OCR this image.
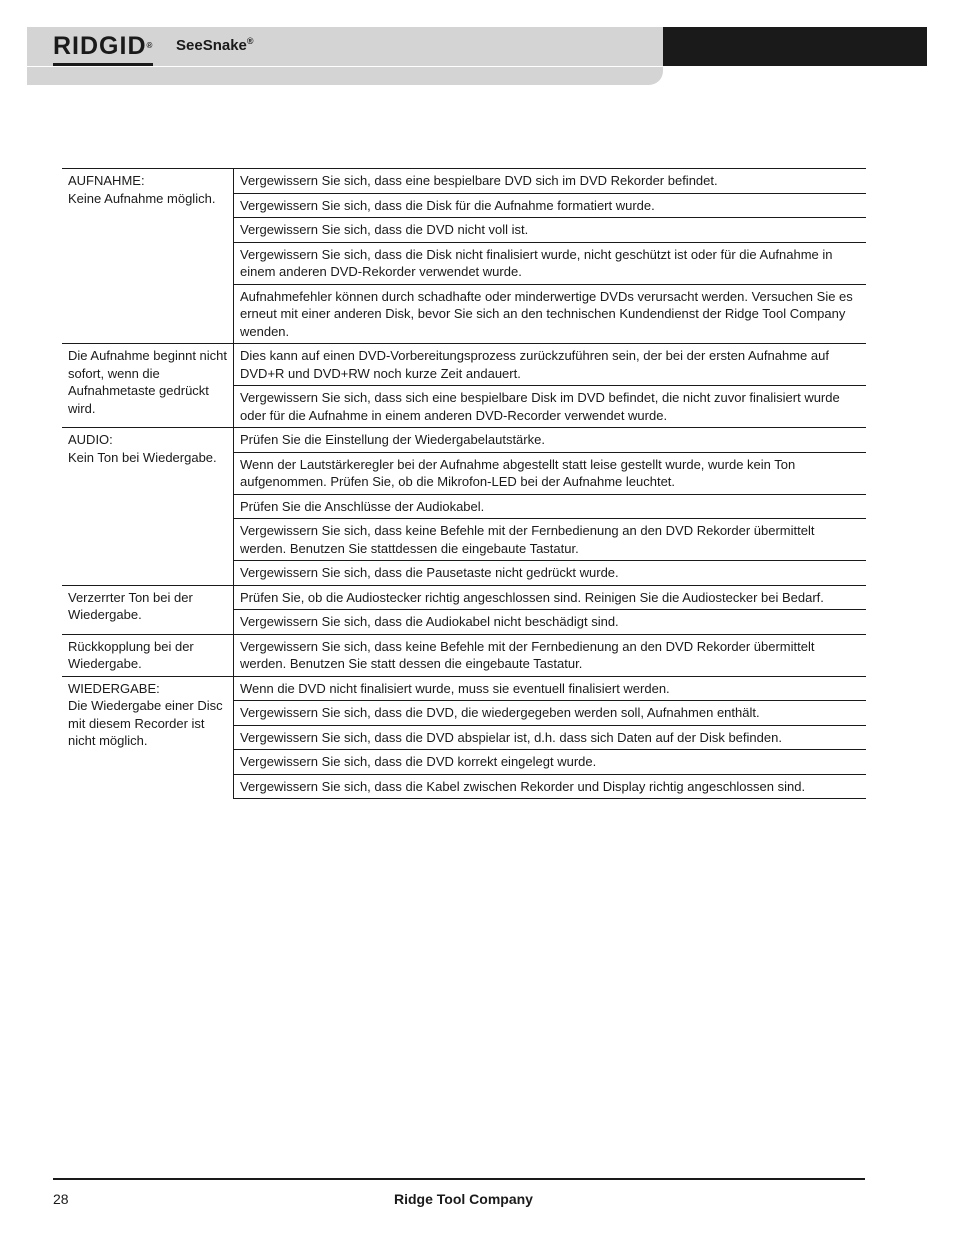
RIDGID® SeeSnake®
AUFNAHME:
Keine Aufnahme möglich.	Vergewissern Sie sich, dass eine bespielbare DVD sich im DVD Rekorder befindet.
	Vergewissern Sie sich, dass die Disk für die Aufnahme formatiert wurde.
	Vergewissern Sie sich, dass die DVD nicht voll ist.
	Vergewissern Sie sich, dass die Disk nicht finalisiert wurde, nicht geschützt ist oder für die Aufnahme in einem anderen DVD-Rekorder verwendet wurde.
	Aufnahmefehler können durch schadhafte oder minderwertige DVDs verursacht werden. Versuchen Sie es erneut mit einer anderen Disk, bevor Sie sich an den technischen Kundendienst der Ridge Tool Company wenden.

Die Aufnahme beginnt nicht sofort, wenn die Aufnahmetaste gedrückt wird.	Dies kann auf einen DVD-Vorbereitungsprozess zurückzuführen sein, der bei der ersten Aufnahme auf DVD+R und DVD+RW noch kurze Zeit andauert.
	Vergewissern Sie sich, dass sich eine bespielbare Disk im DVD befindet, die nicht zuvor finalisiert wurde oder für die Aufnahme in einem anderen DVD-Recorder verwendet wurde.

AUDIO:
Kein Ton bei Wiedergabe.	Prüfen Sie die Einstellung der Wiedergabelautstärke.
	Wenn der Lautstärkeregler bei der Aufnahme abgestellt statt leise gestellt wurde, wurde kein Ton aufgenommen. Prüfen Sie, ob die Mikrofon-LED bei der Aufnahme leuchtet.
	Prüfen Sie die Anschlüsse der Audiokabel.
	Vergewissern Sie sich, dass keine Befehle mit der Fernbedienung an den DVD Rekorder übermittelt werden. Benutzen Sie stattdessen die eingebaute Tastatur.
	Vergewissern Sie sich, dass die Pausetaste nicht gedrückt wurde.

Verzerrter Ton bei der Wiedergabe.	Prüfen Sie, ob die Audiostecker richtig angeschlossen sind. Reinigen Sie die Audiostecker bei Bedarf.
	Vergewissern Sie sich, dass die Audiokabel nicht beschädigt sind.

Rückkopplung bei der Wiedergabe.	Vergewissern Sie sich, dass keine Befehle mit der Fernbedienung an den DVD Rekorder übermittelt werden. Benutzen Sie statt dessen die eingebaute Tastatur.

WIEDERGABE:
Die Wiedergabe einer Disc mit diesem Recorder ist nicht möglich.	Wenn die DVD nicht finalisiert wurde, muss sie eventuell finalisiert werden.
	Vergewissern Sie sich, dass die DVD, die wiedergegeben werden soll, Aufnahmen enthält.
	Vergewissern Sie sich, dass die DVD abspielar ist, d.h. dass sich Daten auf der Disk befinden.
	Vergewissern Sie sich, dass die DVD korrekt eingelegt wurde.
	Vergewissern Sie sich, dass die Kabel zwischen Rekorder und Display richtig angeschlossen sind.
28	Ridge Tool Company
